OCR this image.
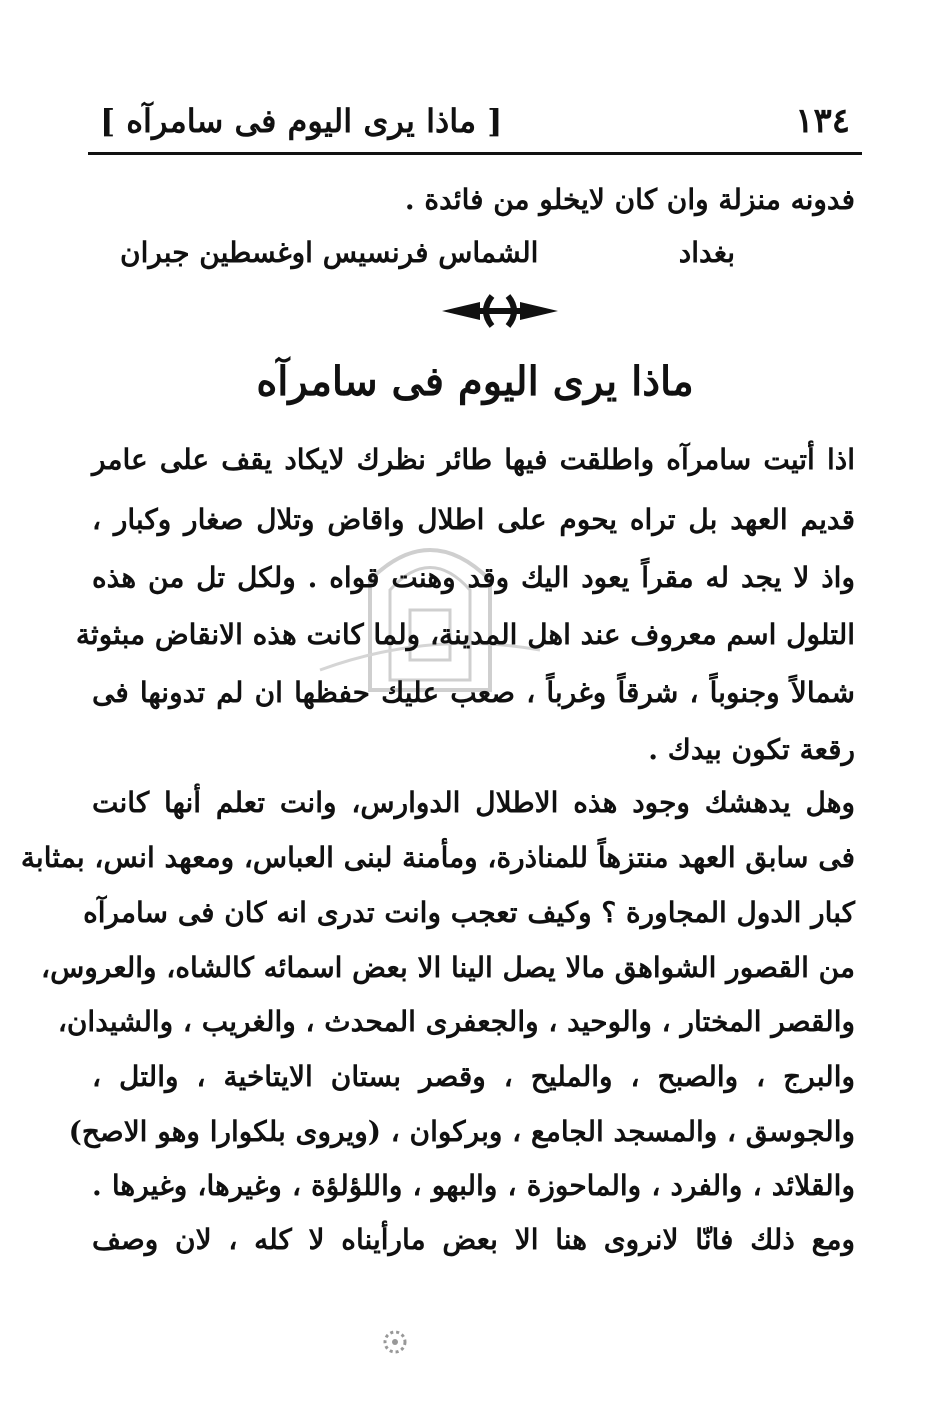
١٣٤
[ ماذا يرى اليوم فى سامرآه ]
فدونه منزلة وان كان لايخلو من فائدة .
بغداد
الشماس فرنسيس اوغسطين جبران
ماذا يرى اليوم فى سامرآه
اذا أتيت سامرآه واطلقت فيها طائر نظرك لايكاد يقف على عامر
قديم العهد بل تراه يحوم على اطلال واقاض وتلال صغار وكبار ،
واذ لا يجد له مقراً يعود اليك وقد وهنت قواه . ولكل تل من هذه
التلول اسم معروف عند اهل المدينة، ولما كانت هذه الانقاض مبثوثة
شمالاً وجنوباً ، شرقاً وغرباً ، صعب عليك حفظها ان لم تدونها فى
رقعة تكون بيدك .
وهل يدهشك وجود هذه الاطلال الدوارس، وانت تعلم أنها كانت
فى سابق العهد منتزهاً للمناذرة، ومأمنة لبنى العباس، ومعهد انس، بمثابة
كبار الدول المجاورة ؟ وكيف تعجب وانت تدرى انه كان فى سامرآه
من القصور الشواهق مالا يصل الينا الا بعض اسمائه كالشاه، والعروس،
والقصر المختار ، والوحيد ، والجعفرى المحدث ، والغريب ، والشيدان،
والبرج ، والصبح ، والمليح ، وقصر بستان الايتاخية ، والتل ،
والجوسق ، والمسجد الجامع ، وبركوان ، (ويروى بلكوارا وهو الاصح)
والقلائد ، والفرد ، والماحوزة ، والبهو ، واللؤلؤة ، وغيرها، وغيرها .
ومع ذلك فانّا لانروى هنا الا بعض مارأيناه لا كله ، لان وصف
